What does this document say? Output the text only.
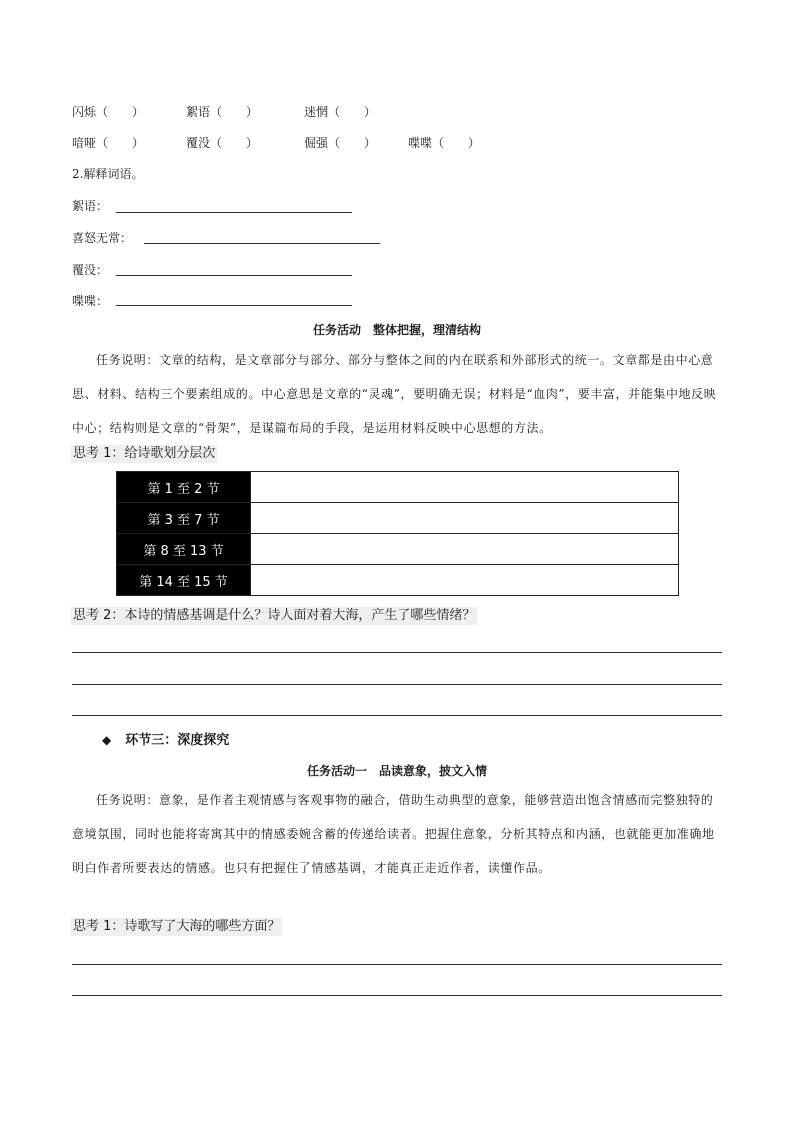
闪烁（　　）	絮语（　　）	迷惘（　　）
喑哑（　　）	覆没（　　）	倔强（　　）	喋喋（　　）
2.解释词语。
絮语：
喜怒无常：
覆没：
喋喋：
任务活动　整体把握，理清结构
任务说明：文章的结构，是文章部分与部分、部分与整体之间的内在联系和外部形式的统一。文章都是由中心意思、材料、结构三个要素组成的。中心意思是文章的“灵魂”，要明确无误；材料是“血肉”，要丰富，并能集中地反映中心；结构则是文章的“骨架”，是谋篇布局的手段，是运用材料反映中心思想的方法。
思考 1：给诗歌划分层次
第 1 至 2 节	
第 3 至 7 节	
第 8 至 13 节	
第 14 至 15 节	
思考 2：本诗的情感基调是什么？诗人面对着大海，产生了哪些情绪？
◆ 环节三：深度探究
任务活动一　品读意象，披文入情
任务说明：意象，是作者主观情感与客观事物的融合，借助生动典型的意象，能够营造出饱含情感而完整独特的意境氛围，同时也能将寄寓其中的情感委婉含蓄的传递给读者。把握住意象，分析其特点和内涵，也就能更加准确地明白作者所要表达的情感。也只有把握住了情感基调，才能真正走近作者，读懂作品。
思考 1：诗歌写了大海的哪些方面？
